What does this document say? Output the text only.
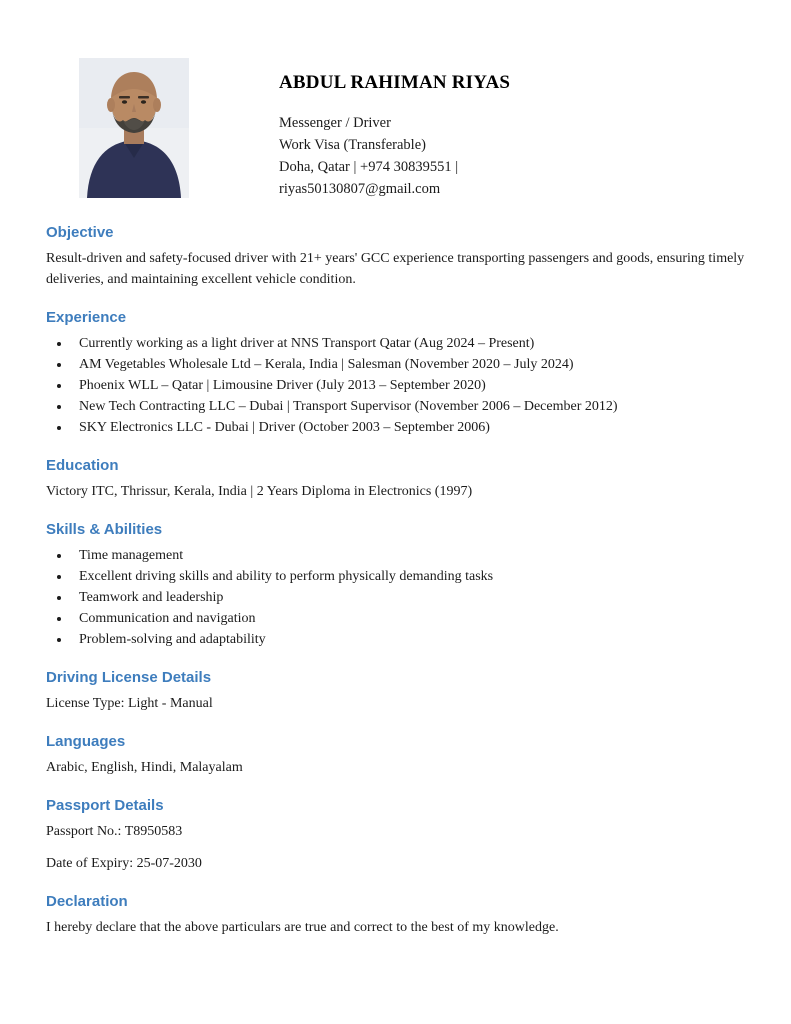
ABDUL RAHIMAN RIYAS

Messenger / Driver

Work Visa (Transferable)

Doha, Qatar | +974 30839551 |

riyas50130807@gmail.com

Objective

Result-driven and safety-focused driver with 21+ years' GCC experience transporting passengers and goods, ensuring timely deliveries, and maintaining excellent vehicle condition.

Experience
• Currently working as a light driver at NNS Transport Qatar (Aug 2024 – Present)
• AM Vegetables Wholesale Ltd – Kerala, India | Salesman (November 2020 – July 2024)
• Phoenix WLL – Qatar | Limousine Driver (July 2013 – September 2020)
• New Tech Contracting LLC – Dubai | Transport Supervisor (November 2006 – December 2012)
• SKY Electronics LLC - Dubai | Driver (October 2003 – September 2006)
Education

Victory ITC, Thrissur, Kerala, India | 2 Years Diploma in Electronics (1997)

Skills & Abilities
• Time management
• Excellent driving skills and ability to perform physically demanding tasks
• Teamwork and leadership
• Communication and navigation
• Problem-solving and adaptability
Driving License Details

License Type: Light - Manual

Languages

Arabic, English, Hindi, Malayalam

Passport Details

Passport No.: T8950583

Date of Expiry: 25-07-2030

Declaration

I hereby declare that the above particulars are true and correct to the best of my knowledge.
